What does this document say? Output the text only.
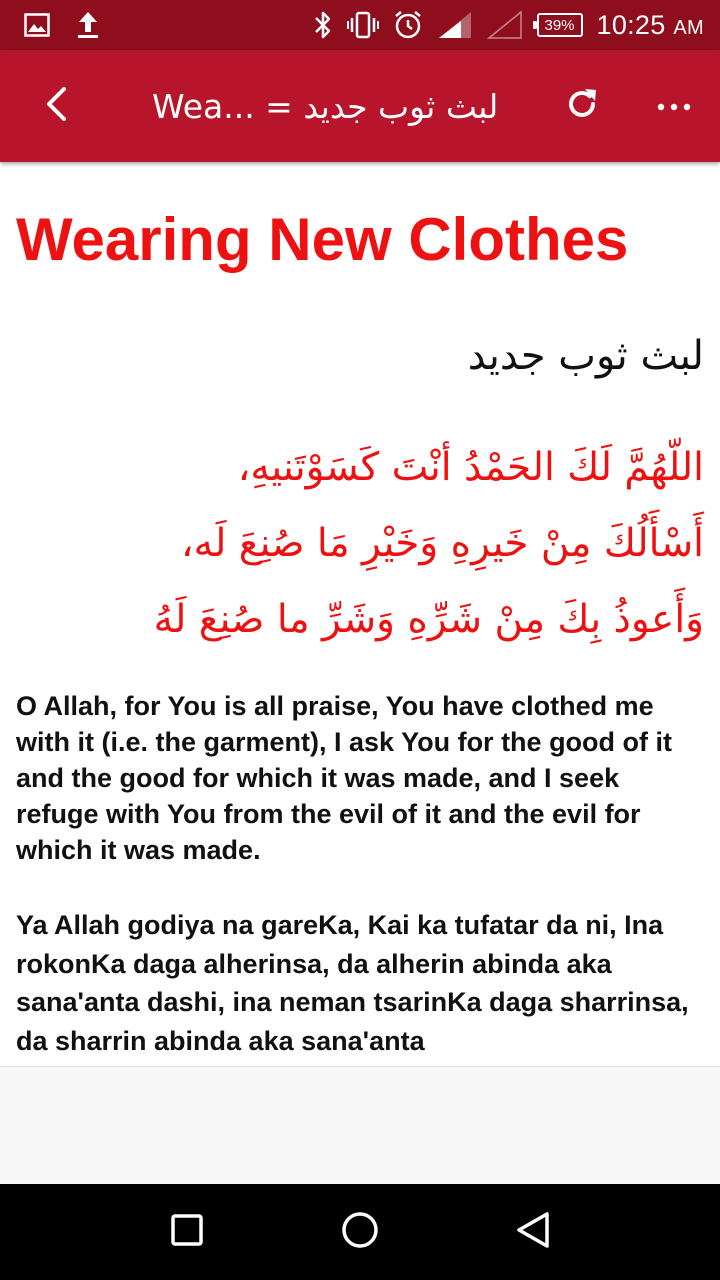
39% 10:25 AM
Wea... = لبث ثوب جديد
Wearing New Clothes
لبث ثوب جديد
اللّهُمَّ لَكَ الحَمْدُ أنْتَ كَسَوْتَنيهِ،
أَسْأَلُكَ مِنْ خَيرِهِ وَخَيْرِ مَا صُنِعَ لَه،
وَأَعوذُ بِكَ مِنْ شَرِّهِ وَشَرِّ ما صُنِعَ لَهُ

O Allah, for You is all praise, You have clothed me with it (i.e. the garment), I ask You for the good of it and the good for which it was made, and I seek refuge with You from the evil of it and the evil for which it was made.

Ya Allah godiya na gareKa, Kai ka tufatar da ni, Ina rokonKa daga alherinsa, da alherin abinda aka sana'anta dashi, ina neman tsarinKa daga sharrinsa, da sharrin abinda aka sana'anta
